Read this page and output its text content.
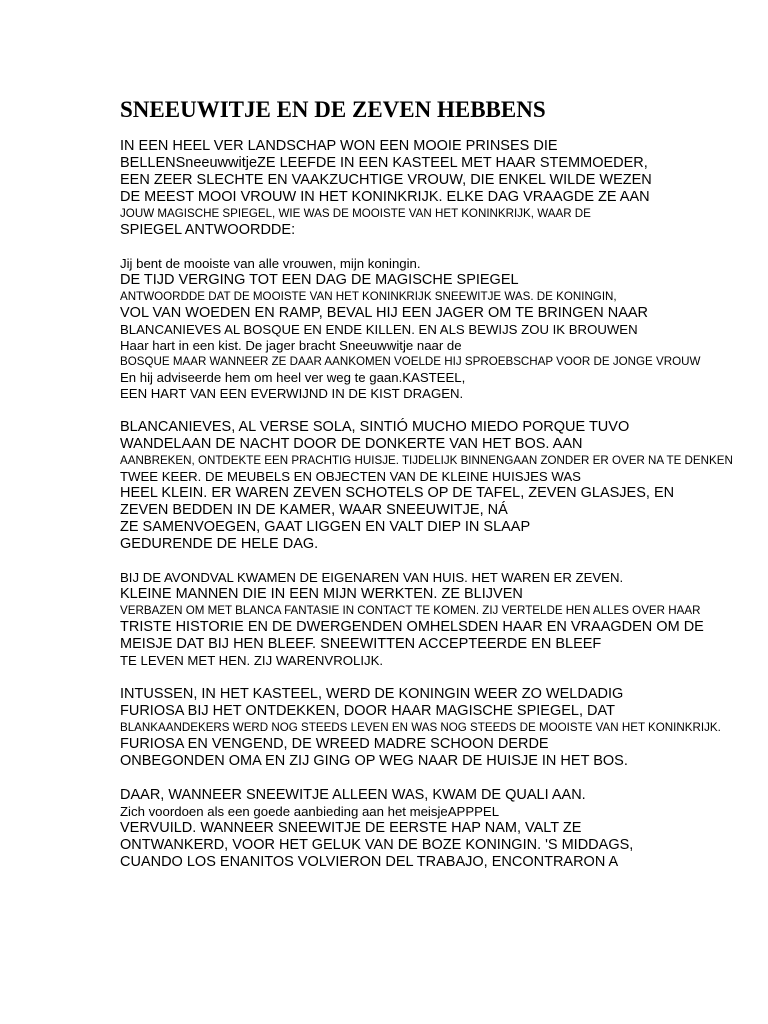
SNEEUWITJE EN DE ZEVEN HEBBENS
IN EEN HEEL VER LANDSCHAP WON EEN MOOIE PRINSES DIE
BELLENSneeuwwitjeZE LEEFDE IN EEN KASTEEL MET HAAR STEMMOEDER,
EEN ZEER SLECHTE EN VAAKZUCHTIGE VROUW, DIE ENKEL WILDE WEZEN
DE MEEST MOOI VROUW IN HET KONINKRIJK. ELKE DAG VRAAGDE ZE AAN
JOUW MAGISCHE SPIEGEL, WIE WAS DE MOOISTE VAN HET KONINKRIJK, WAAR DE
SPIEGEL ANTWOORDDE:
Jij bent de mooiste van alle vrouwen, mijn koningin.
DE TIJD VERGING TOT EEN DAG DE MAGISCHE SPIEGEL
ANTWOORDDE DAT DE MOOISTE VAN HET KONINKRIJK SNEEWITJE WAS. DE KONINGIN,
VOL VAN WOEDEN EN RAMP, BEVAL HIJ EEN JAGER OM TE BRINGEN NAAR
BLANCANIEVES AL BOSQUE EN ENDE KILLEN. EN ALS BEWIJS ZOU IK BROUWEN
Haar hart in een kist. De jager bracht Sneeuwwitje naar de
BOSQUE MAAR WANNEER ZE DAAR AANKOMEN VOELDE HIJ SPROEBSCHAP VOOR DE JONGE VROUW
En hij adviseerde hem om heel ver weg te gaan.KASTEEL,
EEN HART VAN EEN EVERWIJND IN DE KIST DRAGEN.
BLANCANIEVES, AL VERSE SOLA, SINTIÓ MUCHO MIEDO PORQUE TUVO
WANDELAAN DE NACHT DOOR DE DONKERTE VAN HET BOS. AAN
AANBREKEN, ONTDEKTE EEN PRACHTIG HUISJE. TIJDELIJK BINNENGAAN ZONDER ER OVER NA TE DENKEN
TWEE KEER. DE MEUBELS EN OBJECTEN VAN DE KLEINE HUISJES WAS
HEEL KLEIN. ER WAREN ZEVEN SCHOTELS OP DE TAFEL, ZEVEN GLASJES, EN
ZEVEN BEDDEN IN DE KAMER, WAAR SNEEUWITJE, NÁ
ZE SAMENVOEGEN, GAAT LIGGEN EN VALT DIEP IN SLAAP
GEDURENDE DE HELE DAG.
BIJ DE AVONDVAL KWAMEN DE EIGENAREN VAN HUIS. HET WAREN ER ZEVEN.
KLEINE MANNEN DIE IN EEN MIJN WERKTEN. ZE BLIJVEN
VERBAZEN OM MET BLANCA FANTASIE IN CONTACT TE KOMEN. ZIJ VERTELDE HEN ALLES OVER HAAR
TRISTE HISTORIE EN DE DWERGENDEN OMHELSDEN HAAR EN VRAAGDEN OM DE
MEISJE DAT BIJ HEN BLEEF. SNEEWITTEN ACCEPTEERDE EN BLEEF
TE LEVEN MET HEN. ZIJ WARENVROLIJK.
INTUSSEN, IN HET KASTEEL, WERD DE KONINGIN WEER ZO WELDADIG
FURIOSA BIJ HET ONTDEKKEN, DOOR HAAR MAGISCHE SPIEGEL, DAT
BLANKAANDEKERS WERD NOG STEEDS LEVEN EN WAS NOG STEEDS DE MOOISTE VAN HET KONINKRIJK.
FURIOSA EN VENGEND, DE WREED MADRE SCHOON DERDE
ONBEGONDEN OMA EN ZIJ GING OP WEG NAAR DE HUISJE IN HET BOS.
DAAR, WANNEER SNEEWITJE ALLEEN WAS, KWAM DE QUALI AAN.
Zich voordoen als een goede aanbieding aan het meisjeAPPPEL
VERVUILD. WANNEER SNEEWITJE DE EERSTE HAP NAM, VALT ZE
ONTWANKERD, VOOR HET GELUK VAN DE BOZE KONINGIN. 'S MIDDAGS,
CUANDO LOS ENANITOS VOLVIERON DEL TRABAJO, ENCONTRARON A
